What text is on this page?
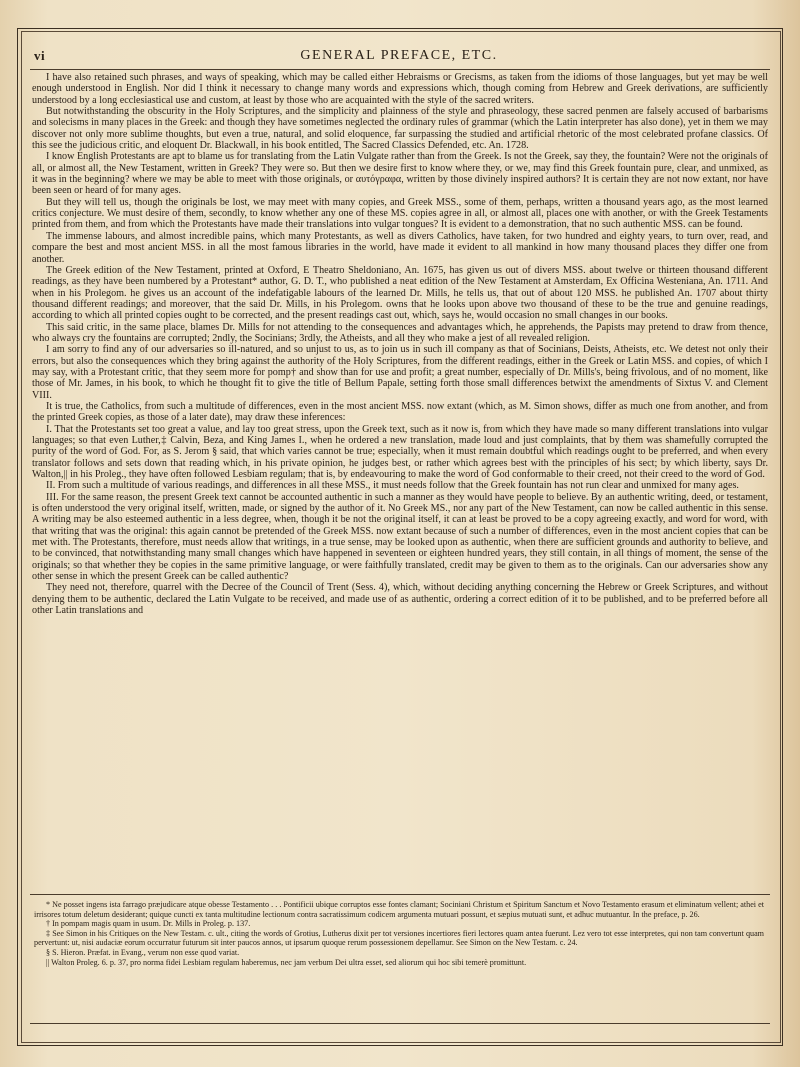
vi	GENERAL PREFACE, ETC.

I have also retained such phrases, and ways of speaking, which may be called either Hebraisms or Grecisms, as taken from the idioms of those languages, but yet may be well enough understood in English. Nor did I think it necessary to change many words and expressions which, though coming from Hebrew and Greek derivations, are sufficiently understood by a long ecclesiastical use and custom, at least by those who are acquainted with the style of the sacred writers.

But notwithstanding the obscurity in the Holy Scriptures, and the simplicity and plainness of the style and phraseology, these sacred penmen are falsely accused of barbarisms and solecisms in many places in the Greek: and though they have sometimes neglected the ordinary rules of grammar (which the Latin interpreter has also done), yet in them we may discover not only more sublime thoughts, but even a true, natural, and solid eloquence, far surpassing the studied and artificial rhetoric of the most celebrated profane classics. Of this see the judicious critic, and eloquent Dr. Blackwall, in his book entitled, The Sacred Classics Defended, etc. An. 1728.

I know English Protestants are apt to blame us for translating from the Latin Vulgate rather than from the Greek. Is not the Greek, say they, the fountain? Were not the originals of all, or almost all, the New Testament, written in Greek? They were so. But then we desire first to know where they, or we, may find this Greek fountain pure, clear, and unmixed, as it was in the beginning? where we may be able to meet with those originals, or αυτόγραφα, written by those divinely inspired authors? It is certain they are not now extant, nor have been seen or heard of for many ages.

But they will tell us, though the originals be lost, we may meet with many copies, and Greek MSS., some of them, perhaps, written a thousand years ago, as the most learned critics conjecture. We must desire of them, secondly, to know whether any one of these MS. copies agree in all, or almost all, places one with another, or with the Greek Testaments printed from them, and from which the Protestants have made their translations into vulgar tongues? It is evident to a demonstration, that no such authentic MSS. can be found.

The immense labours, and almost incredible pains, which many Protestants, as well as divers Catholics, have taken, for two hundred and eighty years, to turn over, read, and compare the best and most ancient MSS. in all the most famous libraries in the world, have made it evident to all mankind in how many thousand places they differ one from another.

The Greek edition of the New Testament, printed at Oxford, E Theatro Sheldoniano, An. 1675, has given us out of divers MSS. about twelve or thirteen thousand different readings, as they have been numbered by a Protestant* author, G. D. T., who published a neat edition of the New Testament at Amsterdam, Ex Officina Westeniana, An. 1711. And when in his Prolegom. he gives us an account of the indefatigable labours of the learned Dr. Mills, he tells us, that out of about 120 MSS. he published An. 1707 about thirty thousand different readings; and moreover, that the said Dr. Mills, in his Prolegom. owns that he looks upon above two thousand of these to be the true and genuine readings, according to which all printed copies ought to be corrected, and the present readings cast out, which, says he, would occasion no small changes in our books.

This said critic, in the same place, blames Dr. Mills for not attending to the consequences and advantages which, he apprehends, the Papists may pretend to draw from thence, who always cry the fountains are corrupted; 2ndly, the Socinians; 3rdly, the Atheists, and all they who make a jest of all revealed religion.

I am sorry to find any of our adversaries so ill-natured, and so unjust to us, as to join us in such ill company as that of Socinians, Deists, Atheists, etc. We detest not only their errors, but also the consequences which they bring against the authority of the Holy Scriptures, from the different readings, either in the Greek or Latin MSS. and copies, of which I may say, with a Protestant critic, that they seem more for pomp† and show than for use and profit; a great number, especially of Dr. Mills's, being frivolous, and of no moment, like those of Mr. James, in his book, to which he thought fit to give the title of Bellum Papale, setting forth those small differences betwixt the amendments of Sixtus V. and Clement VIII.

It is true, the Catholics, from such a multitude of differences, even in the most ancient MSS. now extant (which, as M. Simon shows, differ as much one from another, and from the printed Greek copies, as those of a later date), may draw these inferences:

I. That the Protestants set too great a value, and lay too great stress, upon the Greek text, such as it now is, from which they have made so many different translations into vulgar languages; so that even Luther,‡ Calvin, Beza, and King James I., when he ordered a new translation, made loud and just complaints, that by them was shamefully corrupted the purity of the word of God. For, as S. Jerom § said, that which varies cannot be true; especially, when it must remain doubtful which readings ought to be preferred, and when every translator follows and sets down that reading which, in his private opinion, he judges best, or rather which agrees best with the principles of his sect; by which liberty, says Dr. Walton,|| in his Proleg., they have often followed Lesbiam regulam; that is, by endeavouring to make the word of God conformable to their creed, not their creed to the word of God.

II. From such a multitude of various readings, and differences in all these MSS., it must needs follow that the Greek fountain has not run clear and unmixed for many ages.

III. For the same reason, the present Greek text cannot be accounted authentic in such a manner as they would have people to believe. By an authentic writing, deed, or testament, is often understood the very original itself, written, made, or signed by the author of it. No Greek MS., nor any part of the New Testament, can now be called authentic in this sense. A writing may be also esteemed authentic in a less degree, when, though it be not the original itself, it can at least be proved to be a copy agreeing exactly, and word for word, with that writing that was the original: this again cannot be pretended of the Greek MSS. now extant because of such a number of differences, even in the most ancient copies that can be met with. The Protestants, therefore, must needs allow that writings, in a true sense, may be looked upon as authentic, when there are sufficient grounds and authority to believe, and to be convinced, that notwithstanding many small changes which have happened in seventeen or eighteen hundred years, they still contain, in all things of moment, the sense of the originals; so that whether they be copies in the same primitive language, or were faithfully translated, credit may be given to them as to the originals. Can our adversaries show any other sense in which the present Greek can be called authentic?

They need not, therefore, quarrel with the Decree of the Council of Trent (Sess. 4), which, without deciding anything concerning the Hebrew or Greek Scriptures, and without denying them to be authentic, declared the Latin Vulgate to be received, and made use of as authentic, ordering a correct edition of it to be published, and to be preferred before all other Latin translations and

* Ne posset ingens ista farrago præjudicare atque obesse Testamento . . . Pontificii ubique corruptos esse fontes clamant; Sociniani Christum et Spiritum Sanctum et Novo Testamento erasum et eliminatum vellent; athei et irrisores totum deletum desiderant; quique cuncti ex tanta multitudine lectionum contra sacratissimum codicem argumenta mutuari possunt, et sæpius mutuati sunt, et adhuc mutuantur. In the preface, p. 26.

† In pompam magis quam in usum. Dr. Mills in Proleg. p. 137.

‡ See Simon in his Critiques on the New Testam. c. ult., citing the words of Grotius, Lutherus dixit per tot versiones incertiores fieri lectores quam antea fuerunt. Lez vero tot esse interpretes, qui non tam convertunt quam pervertunt: ut, nisi audaciæ eorum occurratur futurum sit inter paucos annos, ut ipsarum quoque rerum possessionem depellamur. See Simon on the New Testam. c. 24.

§ S. Hieron. Præfat. in Evang., verum non esse quod variat.

|| Walton Proleg. 6. p. 37, pro norma fidei Lesbiam regulam haberemus, nec jam verbum Dei ultra esset, sed aliorum qui hoc sibi temerè promittunt.
